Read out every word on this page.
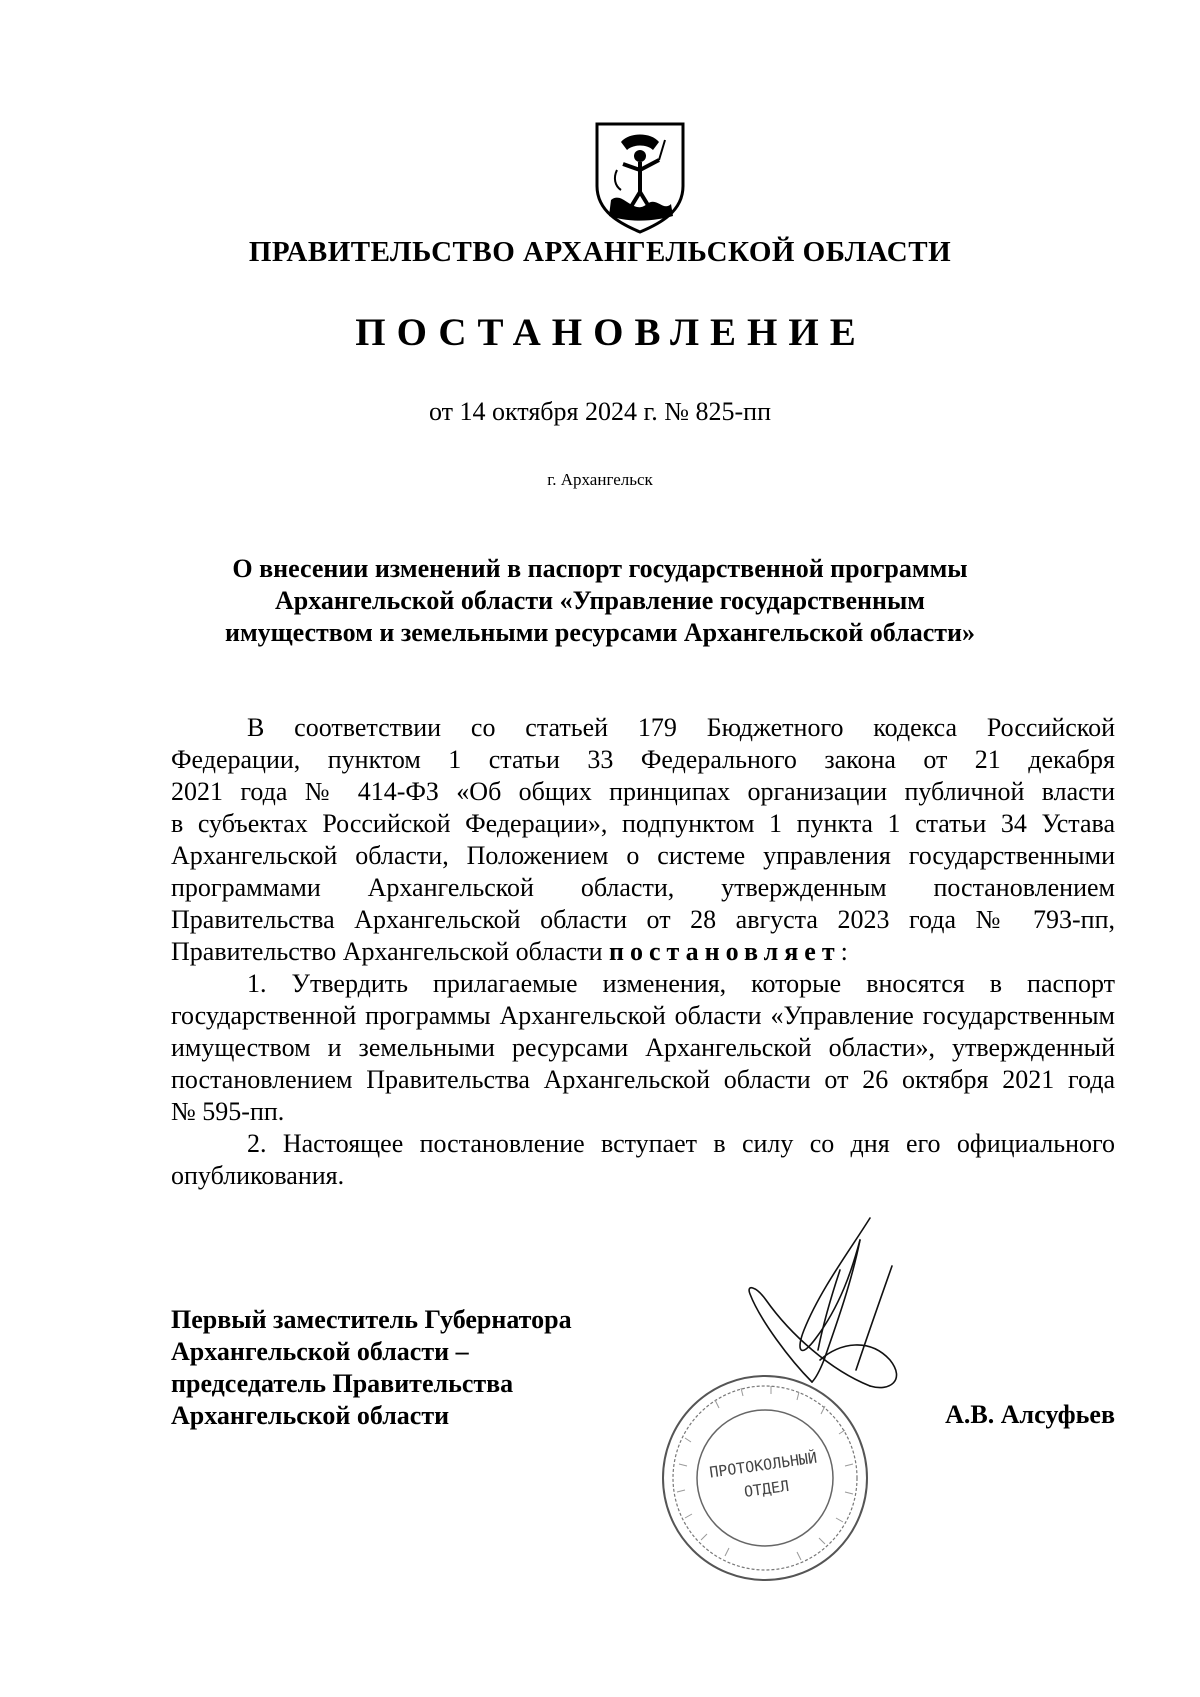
ПРАВИТЕЛЬСТВО АРХАНГЕЛЬСКОЙ ОБЛАСТИ
ПОСТАНОВЛЕНИЕ
от 14 октября 2024 г. № 825-пп
г. Архангельск
О внесении изменений в паспорт государственной программы
Архангельской области «Управление государственным
имуществом и земельными ресурсами Архангельской области»
В соответствии со статьей 179 Бюджетного кодекса Российской
Федерации, пунктом 1 статьи 33 Федерального закона от 21 декабря
2021 года № 414-ФЗ «Об общих принципах организации публичной власти
в субъектах Российской Федерации», подпунктом 1 пункта 1 статьи 34 Устава
Архангельской области, Положением о системе управления государственными
программами Архангельской области, утвержденным постановлением
Правительства Архангельской области от 28 августа 2023 года № 793-пп,
Правительство Архангельской области постановляет:
1. Утвердить прилагаемые изменения, которые вносятся в паспорт
государственной программы Архангельской области «Управление государственным
имуществом и земельными ресурсами Архангельской области», утвержденный
постановлением Правительства Архангельской области от 26 октября 2021 года
№ 595-пп.
2. Настоящее постановление вступает в силу со дня его официального
опубликования.
Первый заместитель Губернатора
Архангельской области –
председатель Правительства
Архангельской области
ПРОТОКОЛЬНЫЙ
ОТДЕЛ
А.В. Алсуфьев
